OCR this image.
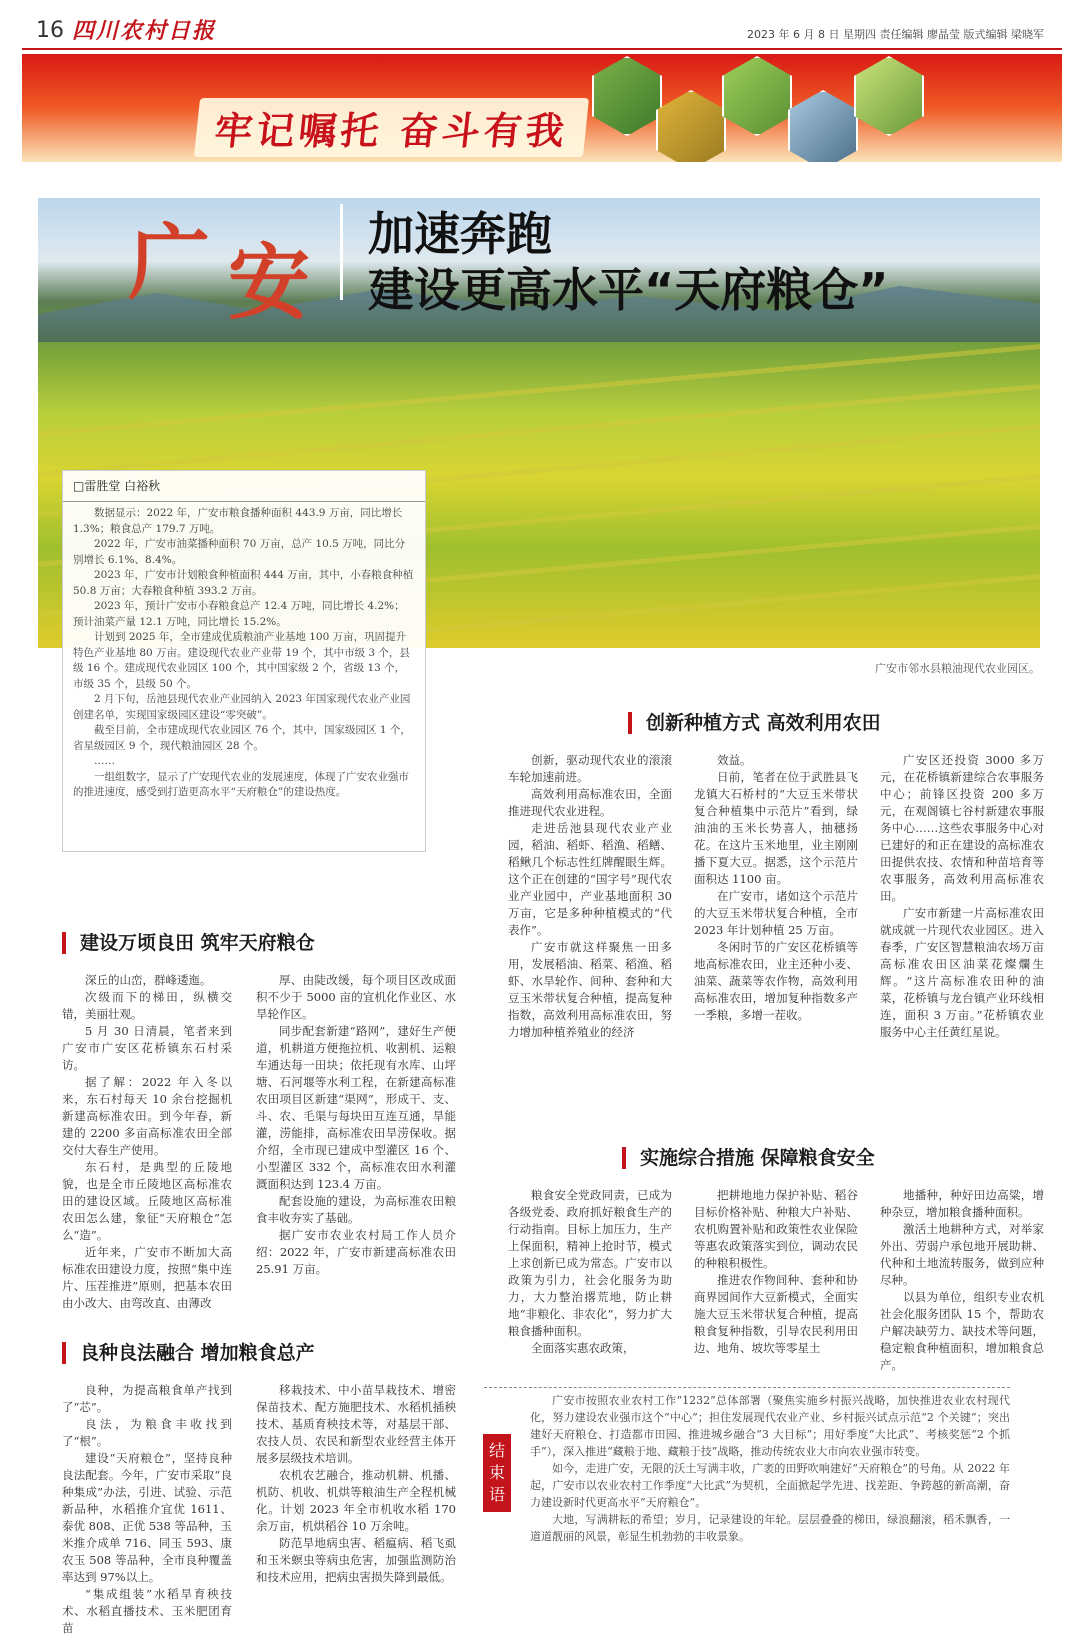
16 四川农村日报	2023 年 6 月 8 日 星期四 责任编辑 廖晶莹 版式编辑 梁晓军
牢记嘱托 奋斗有我
广 安
加速奔跑
建设更高水平“天府粮仓”
广安市邻水县粮油现代农业园区。
□雷胜堂 白裕秋

数据显示：2022 年，广安市粮食播种面积 443.9 万亩，同比增长 1.3%；粮食总产 179.7 万吨。

2022 年，广安市油菜播种面积 70 万亩，总产 10.5 万吨，同比分别增长 6.1%、8.4%。

2023 年，广安市计划粮食种植面积 444 万亩，其中，小春粮食种植 50.8 万亩；大春粮食种植 393.2 万亩。

2023 年，预计广安市小春粮食总产 12.4 万吨，同比增长 4.2%；预计油菜产量 12.1 万吨，同比增长 15.2%。

计划到 2025 年，全市建成优质粮油产业基地 100 万亩，巩固提升特色产业基地 80 万亩。建设现代农业产业带 19 个，其中市级 3 个，县级 16 个。建成现代农业园区 100 个，其中国家级 2 个，省级 13 个，市级 35 个，县级 50 个。

2 月下旬，岳池县现代农业产业园纳入 2023 年国家现代农业产业园创建名单，实现国家级园区建设“零突破”。

截至目前，全市建成现代农业园区 76 个，其中，国家级园区 1 个，省星级园区 9 个，现代粮油园区 28 个。

……

一组组数字，显示了广安现代农业的发展速度，体现了广安农业强市的推进速度，感受到打造更高水平“天府粮仓”的建设热度。

建设万顷良田 筑牢天府粮仓

深丘的山峦，群峰逶迤。

次级而下的梯田，纵横交错，美丽壮观。

5 月 30 日清晨，笔者来到广安市广安区花桥镇东石村采访。

据了解：2022 年入冬以来，东石村每天 10 余台挖掘机新建高标准农田。到今年春，新建的 2200 多亩高标准农田全部交付大春生产使用。

东石村，是典型的丘陵地貌，也是全市丘陵地区高标准农田的建设区域。丘陵地区高标准农田怎么建，象征“天府粮仓”怎么“造”。

近年来，广安市不断加大高标准农田建设力度，按照“集中连片、压茬推进”原则，把基本农田由小改大、由弯改直、由薄改

厚、由陡改缓，每个项目区改成面积不少于 5000 亩的宜机化作业区、水旱轮作区。

同步配套新建“路网”，建好生产便道，机耕道方便拖拉机、收割机、运粮车通达每一田块；依托现有水库、山坪塘、石河堰等水利工程，在新建高标准农田项目区新建“渠网”，形成干、支、斗、农、毛渠与每块田互连互通，旱能灌，涝能排，高标准农田旱涝保收。据介绍，全市现已建成中型灌区 16 个、小型灌区 332 个，高标准农田水利灌溉面积达到 123.4 万亩。

配套设施的建设，为高标准农田粮食丰收夯实了基础。

据广安市农业农村局工作人员介绍：2022 年，广安市新建高标准农田 25.91 万亩。

良种良法融合 增加粮食总产

良种，为提高粮食单产找到了“芯”。

良法，为粮食丰收找到了“根”。

建设“天府粮仓”，坚持良种良法配套。今年，广安市采取“良种集成”办法，引进、试验、示范新品种，水稻推介宜优 1611、泰优 808、正优 538 等品种，玉米推介成单 716、同玉 593、康农玉 508 等品种，全市良种覆盖率达到 97%以上。

“集成组装”水稻旱育秧技术、水稻直播技术、玉米肥团育苗

移栽技术、中小苗旱栽技术、增密保苗技术、配方施肥技术、水稻机插秧技术、基质育秧技术等，对基层干部、农技人员、农民和新型农业经营主体开展多层级技术培训。

农机农艺融合，推动机耕、机播、机防、机收、机烘等粮油生产全程机械化。计划 2023 年全市机收水稻 170 余万亩，机烘稻谷 10 万余吨。

防范旱地病虫害、稻瘟病、稻飞虱和玉米螟虫等病虫危害，加强监测防治和技术应用，把病虫害损失降到最低。

创新种植方式 高效利用农田

创新，驱动现代农业的滚滚车轮加速前进。

高效利用高标准农田，全面推进现代农业进程。

走进岳池县现代农业产业园，稻油、稻虾、稻渔、稻鳝、稻鳅几个标志性红牌醒眼生辉。这个正在创建的“国字号”现代农业产业园中，产业基地面积 30 万亩，它是多种种植模式的“代表作”。

广安市就这样聚焦一田多用，发展稻油、稻菜、稻渔、稻虾、水旱轮作、间种、套种和大豆玉米带状复合种植，提高复种指数，高效利用高标准农田，努力增加种植养殖业的经济

效益。

日前，笔者在位于武胜县飞龙镇大石桥村的“大豆玉米带状复合种植集中示范片”看到，绿油油的玉米长势喜人，抽穗扬花。在这片玉米地里，业主刚刚播下夏大豆。据悉，这个示范片面积达 1100 亩。

在广安市，诸如这个示范片的大豆玉米带状复合种植，全市 2023 年计划种植 25 万亩。

冬闲时节的广安区花桥镇等地高标准农田，业主还种小麦、油菜、蔬菜等农作物，高效利用高标准农田，增加复种指数多产一季粮，多增一茬收。

广安区还投资 3000 多万元，在花桥镇新建综合农事服务中心；前锋区投资 200 多万元，在观阁镇七谷村新建农事服务中心……这些农事服务中心对已建好的和正在建设的高标准农田提供农技、农情和种苗培育等农事服务，高效利用高标准农田。

广安市新建一片高标准农田就成就一片现代农业园区。进入春季，广安区智慧粮油农场万亩高标准农田区油菜花燦爛生辉。“这片高标准农田种的油菜，花桥镇与龙台镇产业环线相连，面积 3 万亩。”花桥镇农业服务中心主任黄红星说。

实施综合措施 保障粮食安全

粮食安全党政同责，已成为各级党委、政府抓好粮食生产的行动指南。目标上加压力，生产上保面积，精神上抢时节，模式上求创新已成为常态。广安市以政策为引力，社会化服务为助力，大力整治撂荒地，防止耕地“非粮化、非农化”，努力扩大粮食播种面积。

全面落实惠农政策，

把耕地地力保护补贴、稻谷目标价格补贴、种粮大户补贴、农机购置补贴和政策性农业保险等惠农政策落实到位，调动农民的种粮积极性。

推进农作物间种、套种和协商界园间作大豆新模式，全面实施大豆玉米带状复合种植，提高粮食复种指数，引导农民利用田边、地角、坡坎等零星土

地播种，种好田边高粱，增种杂豆，增加粮食播种面积。

激活土地耕种方式，对举家外出、劳弱户承包地开展助耕、代种和土地流转服务，做到应种尽种。

以县为单位，组织专业农机社会化服务团队 15 个，帮助农户解决缺劳力、缺技术等问题，稳定粮食种植面积，增加粮食总产。

结束语

广安市按照农业农村工作“1232”总体部署（聚焦实施乡村振兴战略，加快推进农业农村现代化，努力建设农业强市这个“中心”；担住发展现代农业产业、乡村振兴试点示范“2 个关键”；突出建好天府粮仓、打造都市田园、推进城乡融合“3 大目标”；用好季度“大比武”、考核奖惩“2 个抓手”），深入推进“藏粮于地、藏粮于技”战略，推动传统农业大市向农业强市转变。

如今，走进广安，无限的沃土写满丰收，广袤的田野吹响建好“天府粮仓”的号角。从 2022 年起，广安市以农业农村工作季度“大比武”为契机，全面掀起学先进、找差距、争跨越的新高潮，奋力建设新时代更高水平“天府粮仓”。

大地，写满耕耘的希望；岁月，记录建设的年轮。层层叠叠的梯田，绿浪翻滚，稻禾飘香，一道道靓丽的风景，彰显生机勃勃的丰收景象。
